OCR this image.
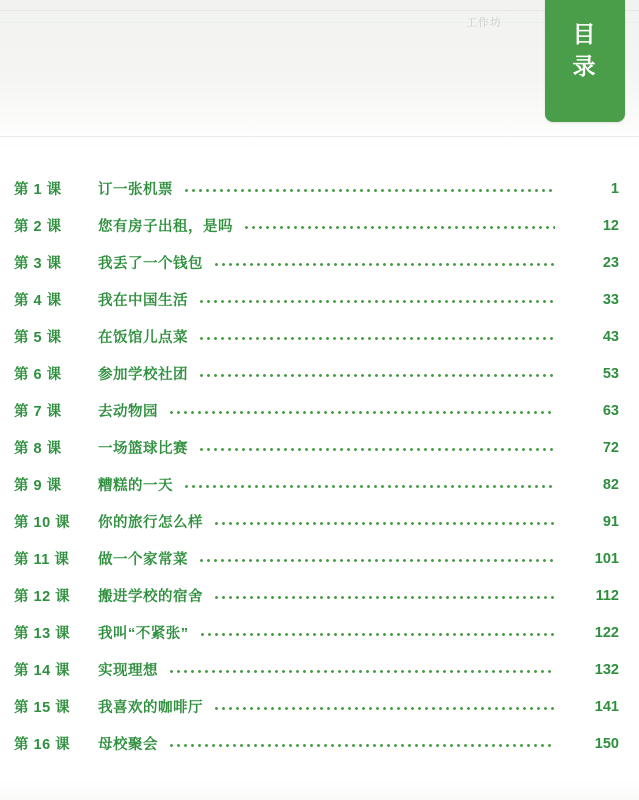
工作坊	目
录
第 1 课	订一张机票	1
第 2 课	您有房子出租，是吗	12
第 3 课	我丢了一个钱包	23
第 4 课	我在中国生活	33
第 5 课	在饭馆儿点菜	43
第 6 课	参加学校社团	53
第 7 课	去动物园	63
第 8 课	一场篮球比赛	72
第 9 课	糟糕的一天	82
第 10 课	你的旅行怎么样	91
第 11 课	做一个家常菜	101
第 12 课	搬进学校的宿舍	112
第 13 课	我叫“不紧张”	122
第 14 课	实现理想	132
第 15 课	我喜欢的咖啡厅	141
第 16 课	母校聚会	150
